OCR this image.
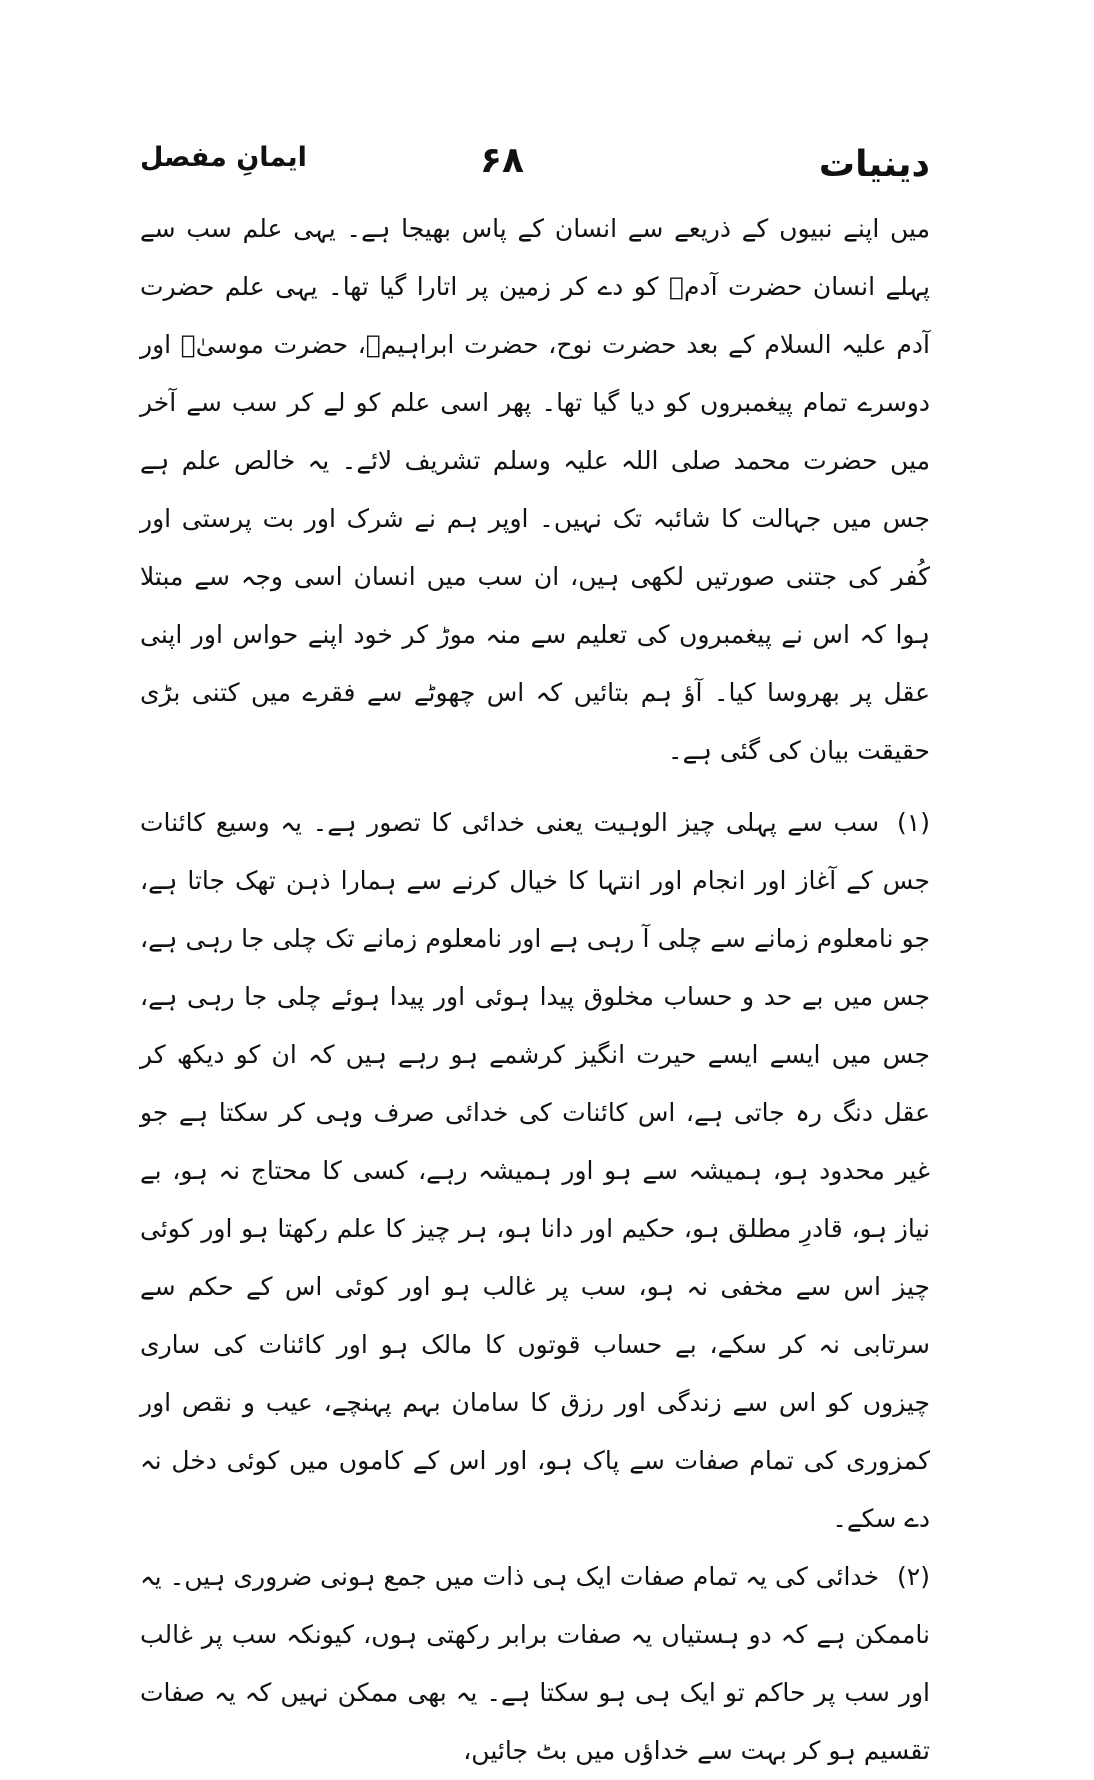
دینیات
۶۸
ایمانِ مفصل

میں اپنے نبیوں کے ذریعے سے انسان کے پاس بھیجا ہے۔ یہی علم سب سے پہلے انسان حضرت آدمؑ کو دے کر زمین پر اتارا گیا تھا۔ یہی علم حضرت آدم علیہ السلام کے بعد حضرت نوح، حضرت ابراہیمؑ، حضرت موسیٰؑ اور دوسرے تمام پیغمبروں کو دیا گیا تھا۔ پھر اسی علم کو لے کر سب سے آخر میں حضرت محمد صلی اللہ علیہ وسلم تشریف لائے۔ یہ خالص علم ہے جس میں جہالت کا شائبہ تک نہیں۔ اوپر ہم نے شرک اور بت پرستی اور کُفر کی جتنی صورتیں لکھی ہیں، ان سب میں انسان اسی وجہ سے مبتلا ہوا کہ اس نے پیغمبروں کی تعلیم سے منہ موڑ کر خود اپنے حواس اور اپنی عقل پر بھروسا کیا۔ آؤ ہم بتائیں کہ اس چھوٹے سے فقرے میں کتنی بڑی حقیقت بیان کی گئی ہے۔

(۱)سب سے پہلی چیز الوہیت یعنی خدائی کا تصور ہے۔ یہ وسیع کائنات جس کے آغاز اور انجام اور انتہا کا خیال کرنے سے ہمارا ذہن تھک جاتا ہے، جو نامعلوم زمانے سے چلی آ رہی ہے اور نامعلوم زمانے تک چلی جا رہی ہے، جس میں بے حد و حساب مخلوق پیدا ہوئی اور پیدا ہوئے چلی جا رہی ہے، جس میں ایسے ایسے حیرت انگیز کرشمے ہو رہے ہیں کہ ان کو دیکھ کر عقل دنگ رہ جاتی ہے، اس کائنات کی خدائی صرف وہی کر سکتا ہے جو غیر محدود ہو، ہمیشہ سے ہو اور ہمیشہ رہے، کسی کا محتاج نہ ہو، بے نیاز ہو، قادرِ مطلق ہو، حکیم اور دانا ہو، ہر چیز کا علم رکھتا ہو اور کوئی چیز اس سے مخفی نہ ہو، سب پر غالب ہو اور کوئی اس کے حکم سے سرتابی نہ کر سکے، بے حساب قوتوں کا مالک ہو اور کائنات کی ساری چیزوں کو اس سے زندگی اور رزق کا سامان بہم پہنچے، عیب و نقص اور کمزوری کی تمام صفات سے پاک ہو، اور اس کے کاموں میں کوئی دخل نہ دے سکے۔

(۲)خدائی کی یہ تمام صفات ایک ہی ذات میں جمع ہونی ضروری ہیں۔ یہ ناممکن ہے کہ دو ہستیاں یہ صفات برابر رکھتی ہوں، کیونکہ سب پر غالب اور سب پر حاکم تو ایک ہی ہو سکتا ہے۔ یہ بھی ممکن نہیں کہ یہ صفات تقسیم ہو کر بہت سے خداؤں میں بٹ جائیں،
